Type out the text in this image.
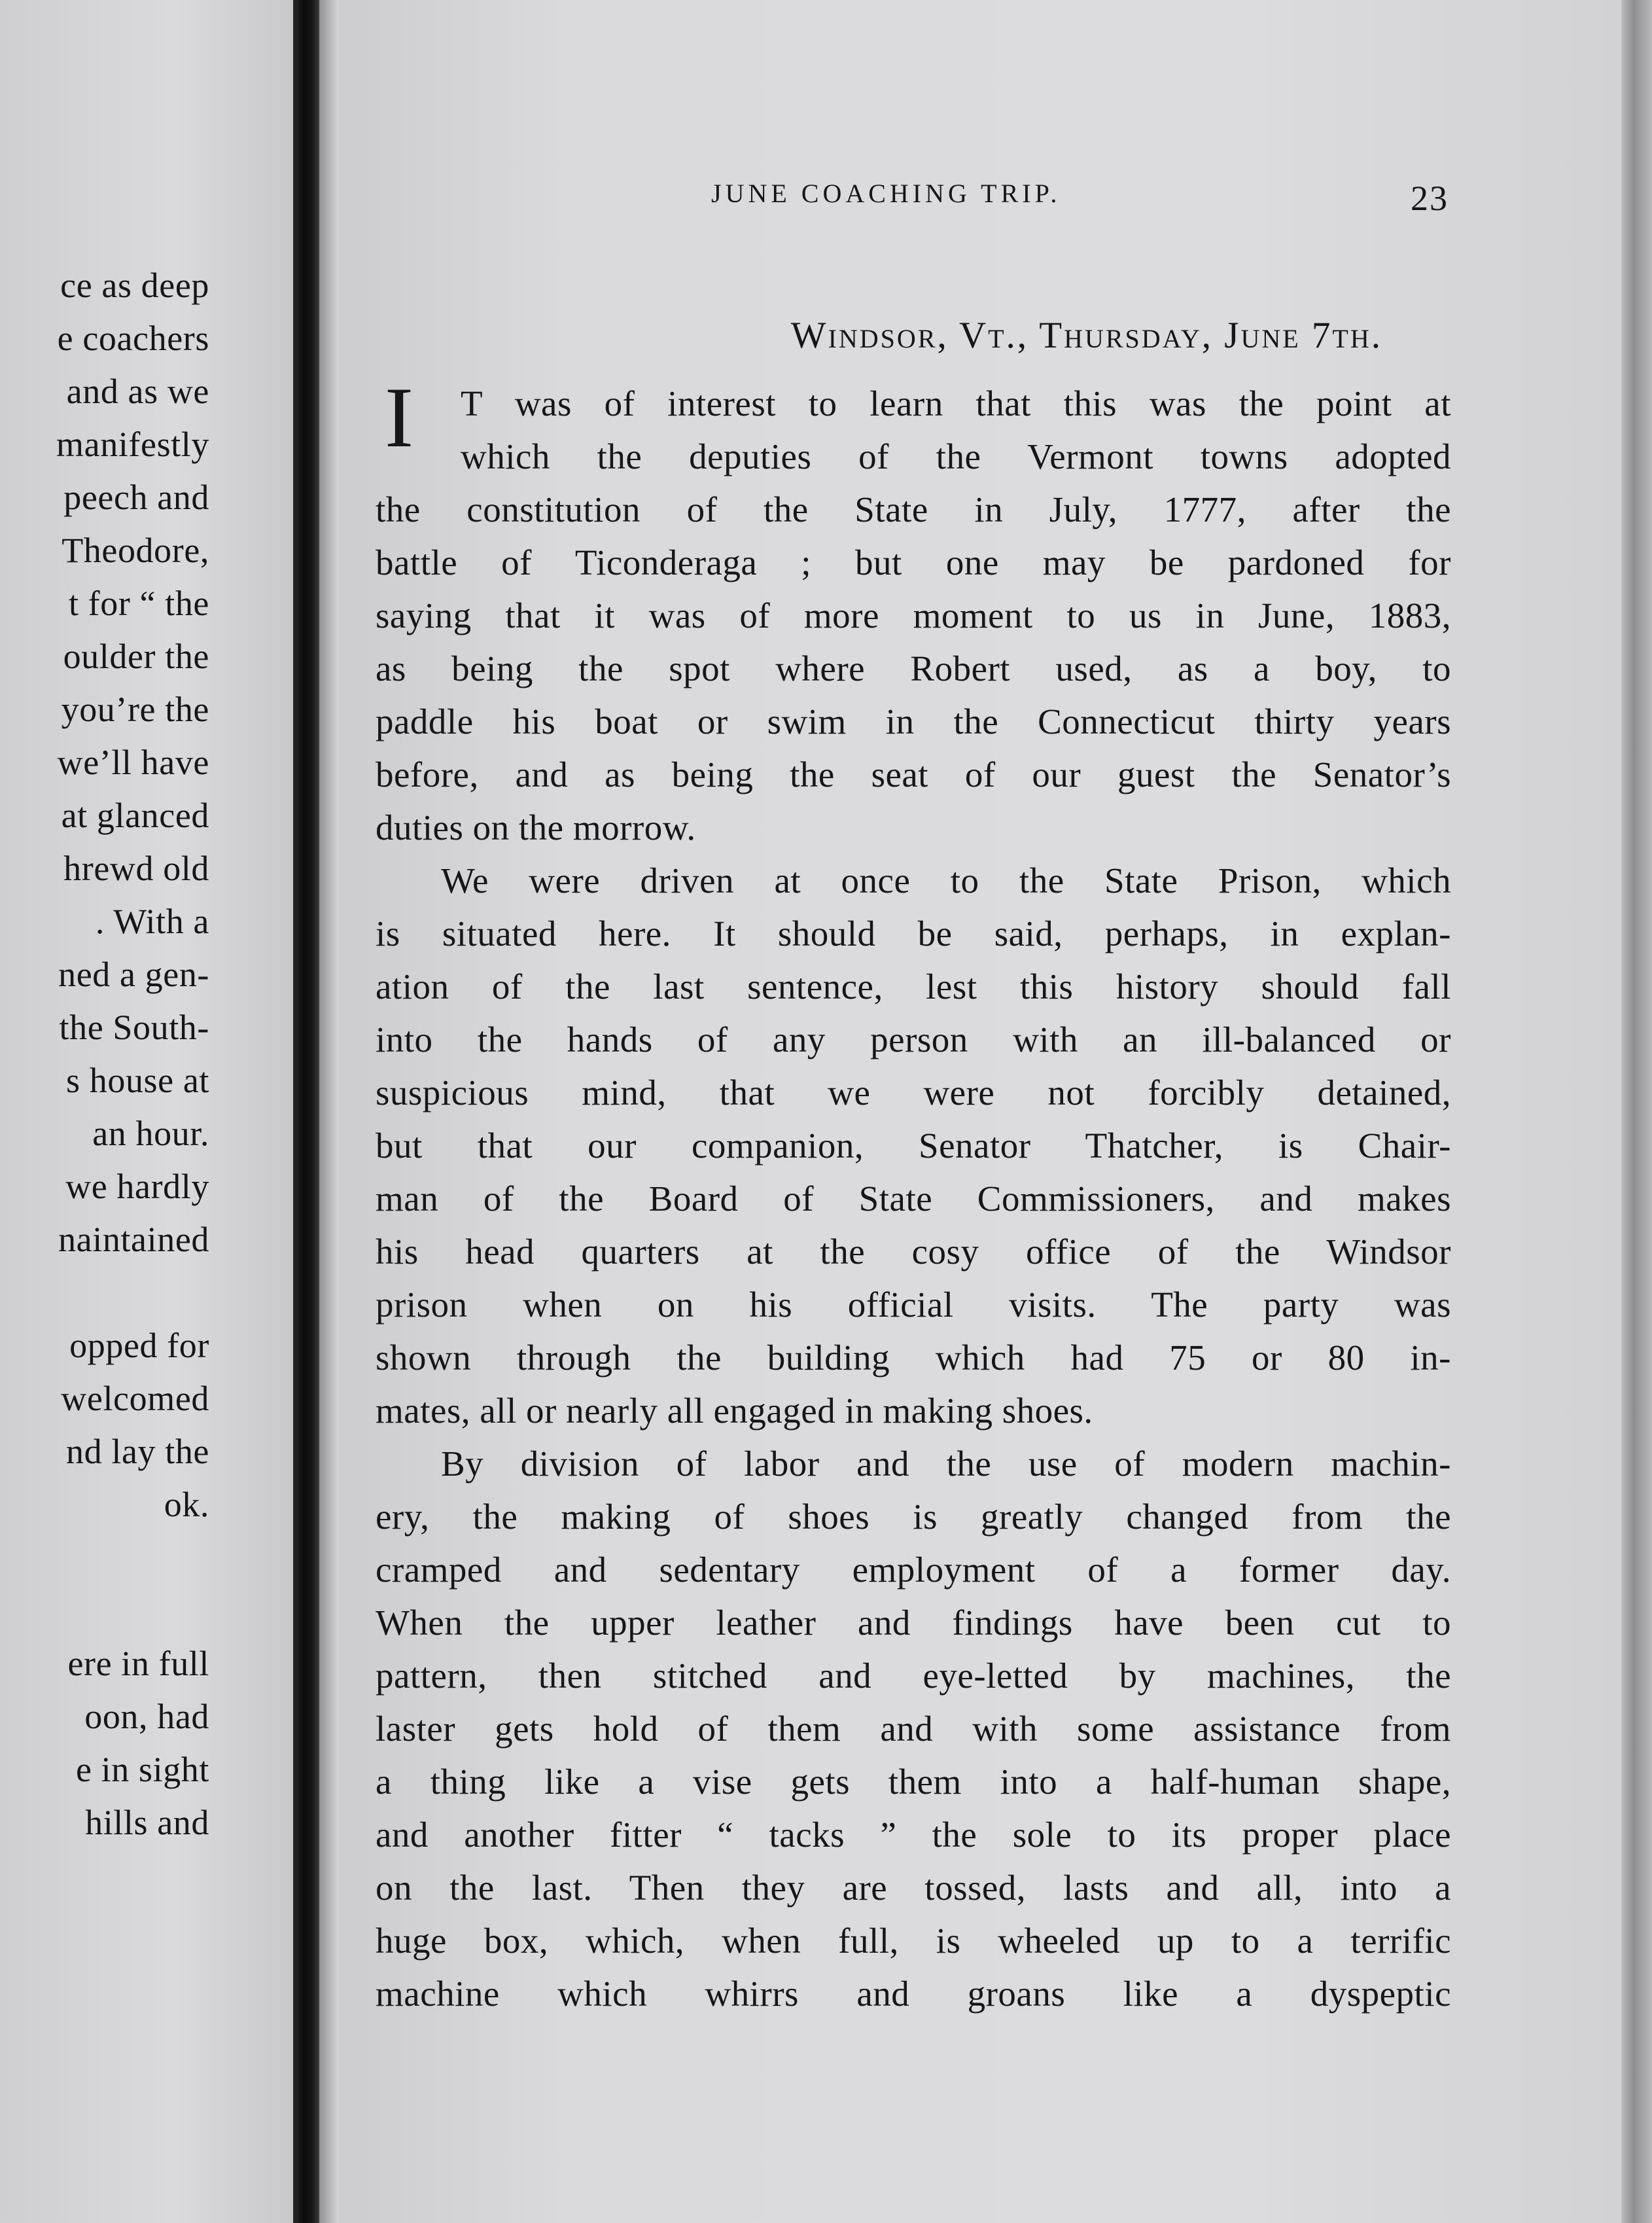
ce as deep
e coachers
and as we
manifestly
peech and
Theodore,
t for “ the
oulder the
you’re the
we’ll have
at glanced
hrewd old
. With a
ned a gen-
the South-
s house at
an hour.
we hardly
naintained
opped for
welcomed
nd lay the
ok.
ere in full
oon, had
e in sight
hills and
JUNE COACHING TRIP.	23
Windsor, Vt., Thursday, June 7th.
I	T was of interest to learn that this was the point at
which the deputies of the Vermont towns adopted
the constitution of the State in July, 1777, after the
battle of Ticonderaga ; but one may be pardoned for
saying that it was of more moment to us in June, 1883,
as being the spot where Robert used, as a boy, to
paddle his boat or swim in the Connecticut thirty years
before, and as being the seat of our guest the Senator’s
duties on the morrow.
We were driven at once to the State Prison, which
is situated here. It should be said, perhaps, in explan-
ation of the last sentence, lest this history should fall
into the hands of any person with an ill-balanced or
suspicious mind, that we were not forcibly detained,
but that our companion, Senator Thatcher, is Chair-
man of the Board of State Commissioners, and makes
his head quarters at the cosy office of the Windsor
prison when on his official visits. The party was
shown through the building which had 75 or 80 in-
mates, all or nearly all engaged in making shoes.
By division of labor and the use of modern machin-
ery, the making of shoes is greatly changed from the
cramped and sedentary employment of a former day.
When the upper leather and findings have been cut to
pattern, then stitched and eye-letted by machines, the
laster gets hold of them and with some assistance from
a thing like a vise gets them into a half-human shape,
and another fitter “ tacks ” the sole to its proper place
on the last. Then they are tossed, lasts and all, into a
huge box, which, when full, is wheeled up to a terrific
machine which whirrs and groans like a dyspeptic
